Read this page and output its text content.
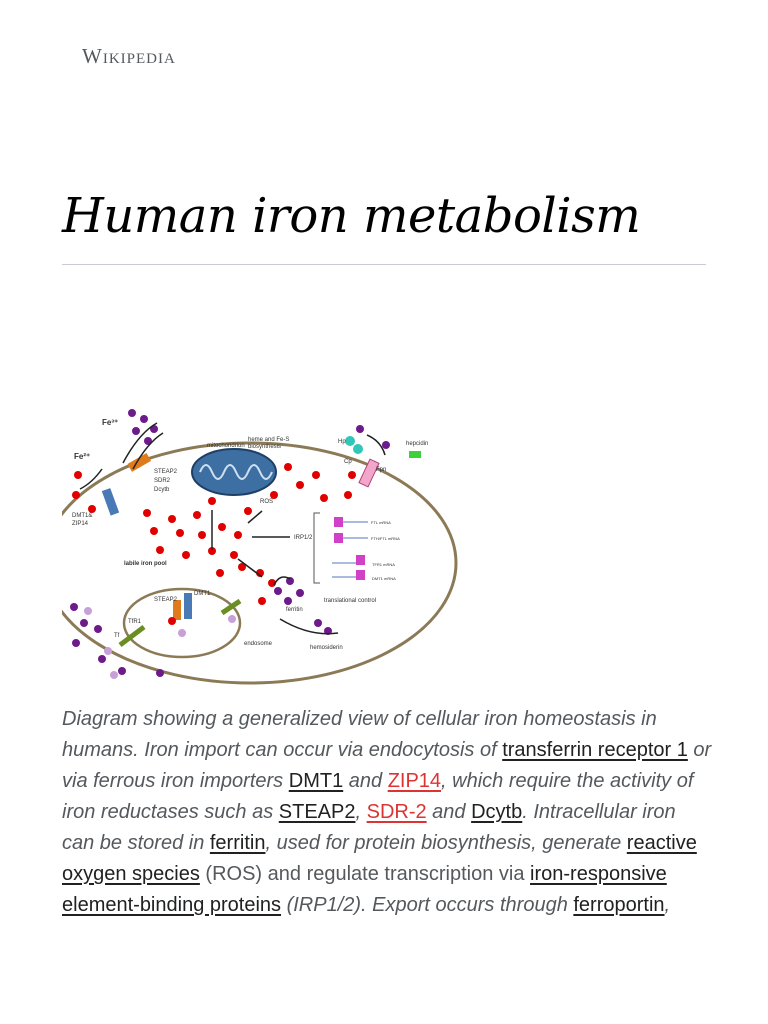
Wikipedia
Human iron metabolism
Fe³⁺
Fe²⁺
mitochondrion
heme and Fe-S
biosynthesis
STEAP2
SDR2
Dcytb
DMT1&
ZIP14
labile iron pool
ROS
IRP1/2
FTL mRNA
FTH/FTL mRNA
TFR1 mRNA
DMT1 mRNA
translational control
ferritin
hemosiderin
endosome
STEAP2
DMT1
TfR1
Tf
Hp
Cp
Fpn
hepcidin

Diagram showing a generalized view of cellular iron homeostasis in humans. Iron import can occur via endocytosis of transferrin receptor 1 or via ferrous iron importers DMT1 and ZIP14, which require the activity of iron reductases such as STEAP2, SDR-2 and Dcytb. Intracellular iron can be stored in ferritin, used for protein biosynthesis, generate reactive oxygen species (ROS) and regulate transcription via iron-responsive element-binding proteins (IRP1/2). Export occurs through ferroportin,
